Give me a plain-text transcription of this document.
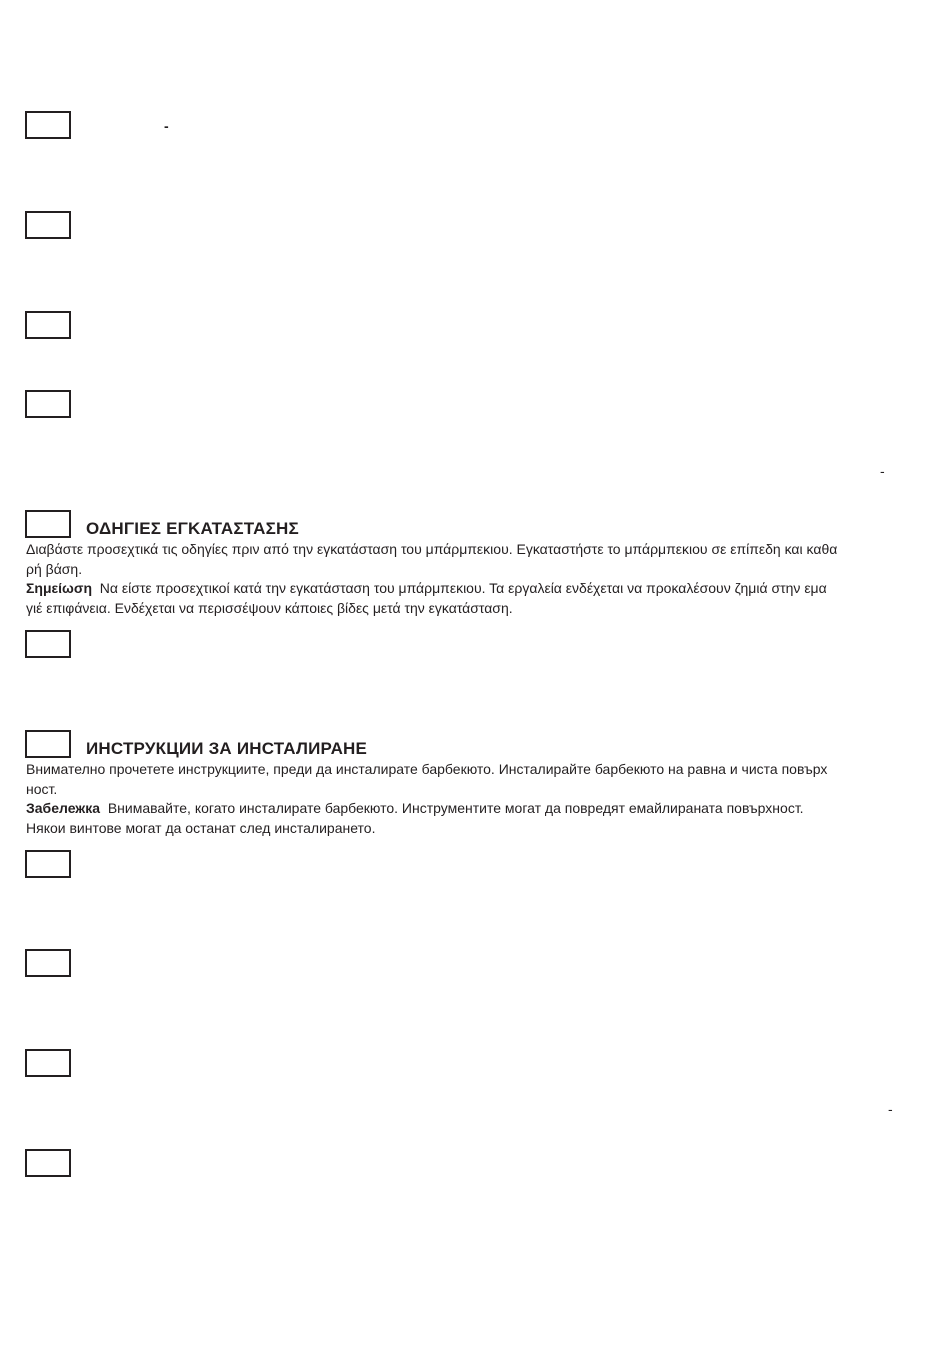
-
-
ΟΔΗΓΙΕΣ ΕΓΚΑΤΑΣΤΑΣΗΣ
Διαβάστε προσεχτικά τις οδηγίες πριν από την εγκατάσταση του μπάρμπεκιου. Εγκαταστήστε το μπάρμπεκιου σε επίπεδη και καθα
ρή βάση.
Σημείωση Να είστε προσεχτικοί κατά την εγκατάσταση του μπάρμπεκιου. Τα εργαλεία ενδέχεται να προκαλέσουν ζημιά στην εμα
γιέ επιφάνεια. Ενδέχεται να περισσέψουν κάποιες βίδες μετά την εγκατάσταση.
ИНСТРУКЦИИ ЗА ИНСТАЛИРАНЕ
Внимателно прочетете инструкциите, преди да инсталирате барбекюто. Инсталирайте барбекюто на равна и чиста повърх
ност.
Забележка Внимавайте, когато инсталирате барбекюто. Инструментите могат да повредят емайлираната повърхност.
Някои винтове могат да останат след инсталирането.
-
